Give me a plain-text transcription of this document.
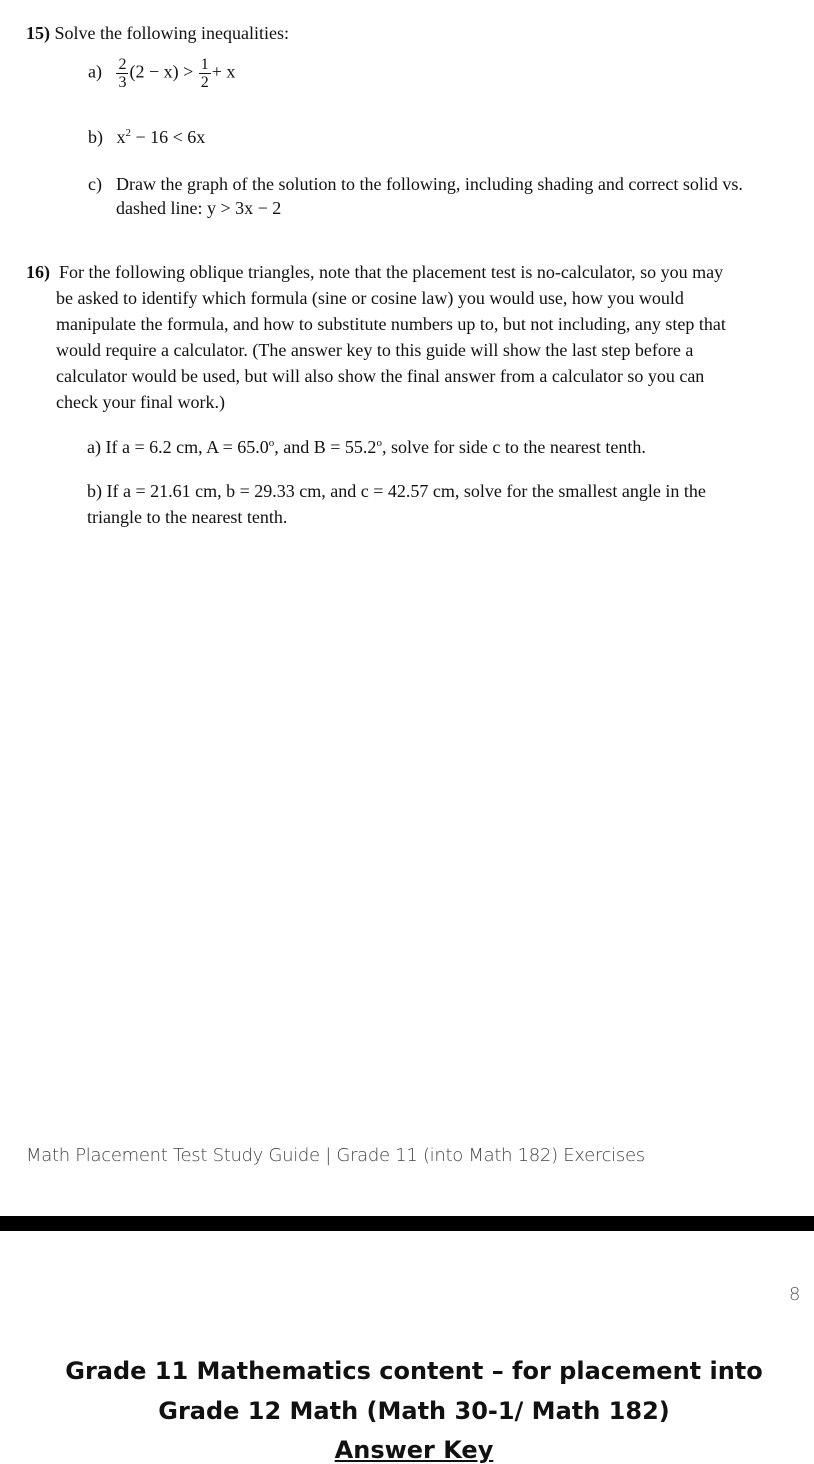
15) Solve the following inequalities:
$a) \frac{2}{3} (2 - x) > \frac{1}{2} + x$
b) $x^2 - 16 < 6x$
c) Draw the graph of the solution to the following, including shading and correct solid vs.
dashed line: y > 3x − 2
16) For the following oblique triangles, note that the placement test is no-calculator, so you may
be asked to identify which formula (sine or cosine law) you would use, how you would
manipulate the formula, and how to substitute numbers up to, but not including, any step that
would require a calculator. (The answer key to this guide will show the last step before a
calculator would be used, but will also show the final answer from a calculator so you can
check your final work.)
a) If a = 6.2 cm, $A = 65.0^o$, and $B = 55.2^o$, solve for side c to the nearest tenth.
b) If a = 21.61 cm, b = 29.33 cm, and c = 42.57 cm, solve for the smallest angle in the
triangle to the nearest tenth.
Math Placement Test Study Guide | Grade 11 (into Math 182) Exercises
8
Grade 11 Mathematics content – for placement into
Grade 12 Math (Math 30-1/ Math 182)
Answer Key
